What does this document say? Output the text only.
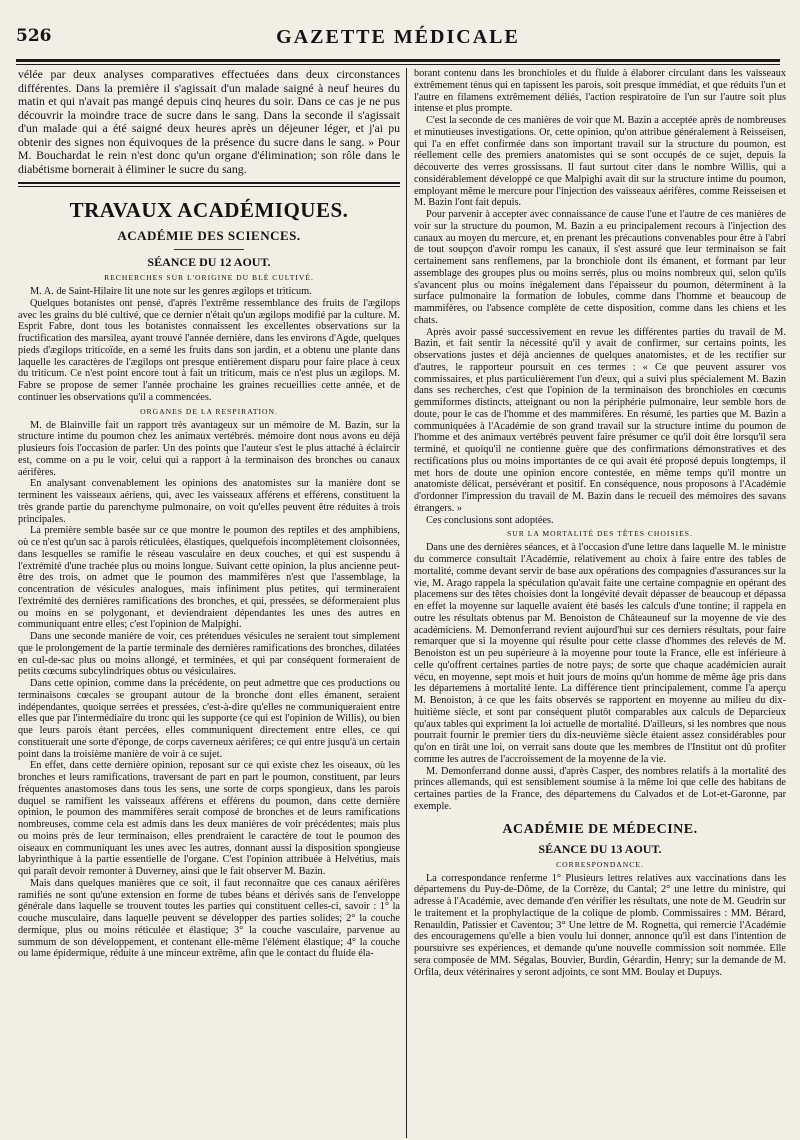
526	GAZETTE MÉDICALE

vélée par deux analyses comparatives effectuées dans deux circonstances différentes. Dans la première il s'agissait d'un malade saigné à neuf heures du matin et qui n'avait pas mangé depuis cinq heures du soir. Dans ce cas je ne pus découvrir la moindre trace de sucre dans le sang. Dans la seconde il s'agissait d'un malade qui a été saigné deux heures après un déjeuner léger, et j'ai pu obtenir des signes non équivoques de la présence du sucre dans le sang. » Pour M. Bouchardat le rein n'est donc qu'un organe d'élimination; son rôle dans le diabétisme bornerait à éliminer le sucre du sang.

TRAVAUX ACADÉMIQUES.
ACADÉMIE DES SCIENCES.
SÉANCE DU 12 AOUT.
RECHERCHES SUR L'ORIGINE DU BLÉ CULTIVÉ.

M. A. de Saint-Hilaire lit une note sur les genres ægilops et triticum.

Quelques botanistes ont pensé, d'après l'extrême ressemblance des fruits de l'ægilops avec les grains du blé cultivé, que ce dernier n'était qu'un ægilops modifié par la culture. M. Esprit Fabre, dont tous les botanistes connaissent les excellentes observations sur la fructification des marsilea, ayant trouvé l'année dernière, dans les environs d'Agde, quelques pieds d'ægilops triticoïde, en a semé les fruits dans son jardin, et a obtenu une plante dans laquelle les caractères de l'ægilops ont presque entièrement disparu pour faire place à ceux du triticum. Ce n'est point encore tout à fait un triticum, mais ce n'est plus un ægilops. M. Fabre se propose de semer l'année prochaine les graines recueillies cette année, et de continuer les observations qu'il a commencées.

ORGANES DE LA RESPIRATION.

M. de Blainville fait un rapport très avantageux sur un mémoire de M. Bazin, sur la structure intime du poumon chez les animaux vertébrés. mémoire dont nous avons eu déjà plusieurs fois l'occasion de parler. Un des points que l'auteur s'est le plus attaché à éclaircir est, comme on a pu le voir, celui qui a rapport à la terminaison des bronches ou canaux aérifères.

En analysant convenablement les opinions des anatomistes sur la manière dont se terminent les vaisseaux aériens, qui, avec les vaisseaux afférens et efférens, constituent la très grande partie du parenchyme pulmonaire, on voit qu'elles peuvent être réduites à trois principales.

La première semble basée sur ce que montre le poumon des reptiles et des amphibiens, où ce n'est qu'un sac à parois réticulées, élastiques, quelquefois incomplètement cloisonnées, dans lesquelles se ramifie le réseau vasculaire en deux couches, et qui est suspendu à l'extrémité d'une trachée plus ou moins longue. Suivant cette opinion, la plus ancienne peut-être des trois, on admet que le poumon des mammifères n'est que l'assemblage, la concentration de vésicules analogues, mais infiniment plus petites, qui termineraient l'extrémité des dernières ramifications des bronches, et qui, pressées, se déformeraient plus ou moins en se polygonant, et deviendraient dépendantes les unes des autres en communiquant entre elles; c'est l'opinion de Malpighi.

Dans une seconde manière de voir, ces prétendues vésicules ne seraient tout simplement que le prolongement de la partie terminale des dernières ramifications des bronches, dilatées en cul-de-sac plus ou moins allongé, et terminées, et qui par conséquent formeraient de petits cœcums subcylindriques obtus ou vésiculaires.

Dans cette opinion, comme dans la précédente, on peut admettre que ces productions ou terminaisons cœcales se groupant autour de la bronche dont elles émanent, seraient indépendantes, quoique serrées et pressées, c'est-à-dire qu'elles ne communiqueraient entre elles que par l'intermédiaire du tronc qui les supporte (ce qui est l'opinion de Willis), ou bien que leurs parois étant percées, elles communiquent directement entre elles, ce qui constituerait une sorte d'éponge, de corps caverneux aérifères; ce qui entre jusqu'à un certain point dans la troisième manière de voir à ce sujet.

En effet, dans cette dernière opinion, reposant sur ce qui existe chez les oiseaux, où les bronches et leurs ramifications, traversant de part en part le poumon, constituent, par leurs fréquentes anastomoses dans tous les sens, une sorte de corps spongieux, dans les parois duquel se ramifient les vaisseaux afférens et efférens du poumon, dans cette dernière opinion, le poumon des mammifères serait composé de bronches et de leurs ramifications nombreuses, comme cela est admis dans les deux manières de voir précédentes; mais plus ou moins près de leur terminaison, elles prendraient le caractère de tout le poumon des oiseaux en communiquant les unes avec les autres, donnant aussi la disposition spongieuse labyrinthique à la partie essentielle de l'organe. C'est l'opinion attribuée à Helvétius, mais qui paraît devoir remonter à Duverney, ainsi que le fait observer M. Bazin.

Mais dans quelques manières que ce soit, il faut reconnaître que ces canaux aérifères ramifiés ne sont qu'une extension en forme de tubes béans et dérivés sans de l'enveloppe générale dans laquelle se trouvent toutes les parties qui constituent celles-ci, savoir : 1° la couche musculaire, dans laquelle peuvent se développer des parties solides; 2° la couche dermique, plus ou moins réticulée et élastique; 3° la couche vasculaire, parvenue au summum de son développement, et contenant elle-même l'élément élastique; 4° la couche ou lame épidermique, réduite à une minceur extrême, afin que le contact du fluide éla-

borant contenu dans les bronchioles et du fluide à élaborer circulant dans les vaisseaux extrêmement ténus qui en tapissent les parois, soit presque immédiat, et que réduits l'un et l'autre en filamens extrêmement déliés, l'action respiratoire de l'un sur l'autre soit plus intense et plus prompte.

C'est la seconde de ces manières de voir que M. Bazin a acceptée après de nombreuses et minutieuses investigations. Or, cette opinion, qu'on attribue généralement à Reisseisen, qui l'a en effet confirmée dans son important travail sur la structure du poumon, est réellement celle des premiers anatomistes qui se sont occupés de ce sujet, depuis la découverte des verres grossissans. Il faut surtout citer dans le nombre Willis, qui a considérablement développé ce que Malpighi avait dit sur la structure intime du poumon, employant même le mercure pour l'injection des vaisseaux aérifères, comme Reisseisen et M. Bazin l'ont fait depuis.

Pour parvenir à accepter avec connaissance de cause l'une et l'autre de ces manières de voir sur la structure du poumon, M. Bazin a eu principalement recours à l'injection des canaux au moyen du mercure, et, en prenant les précautions convenables pour être à l'abri de tout soupçon d'avoir rompu les canaux, il s'est assuré que leur terminaison se fait certainement sans renflemens, par la bronchiole dont ils émanent, et formant par leur assemblage des groupes plus ou moins serrés, plus ou moins nombreux qui, selon qu'ils s'avancent plus ou moins inégalement dans l'épaisseur du poumon, déterminent à la surface pulmonaire la formation de lobules, comme dans l'homme et beaucoup de mammifères, ou l'absence complète de cette disposition, comme dans les chiens et les chats.

Après avoir passé successivement en revue les différentes parties du travail de M. Bazin, et fait sentir la nécessité qu'il y avait de confirmer, sur certains points, les observations justes et déjà anciennes de quelques anatomistes, et de les rectifier sur d'autres, le rapporteur poursuit en ces termes : « Ce que peuvent assurer vos commissaires, et plus particulièrement l'un d'eux, qui a suivi plus spécialement M. Bazin dans ses recherches, c'est que l'opinion de la terminaison des bronchioles en cœcums gemmiformes distincts, atteignant ou non la périphérie pulmonaire, leur semble hors de doute, pour le cas de l'homme et des mammifères. En résumé, les parties que M. Bazin a communiquées à l'Académie de son grand travail sur la structure intime du poumon de l'homme et des animaux vertébrés peuvent faire présumer ce qu'il doit être lorsqu'il sera terminé, et quoiqu'il ne contienne guère que des confirmations démonstratives et des rectifications plus ou moins importantes de ce qui avait été proposé depuis longtemps, il met hors de doute une opinion encore contestée, en même temps qu'il montre un anatomiste délicat, persévérant et positif. En conséquence, nous proposons à l'Académie d'ordonner l'impression du travail de M. Bazin dans le recueil des mémoires des savans étrangers. »

Ces conclusions sont adoptées.

SUR LA MORTALITÉ DES TÊTES CHOISIES.

Dans une des dernières séances, et à l'occasion d'une lettre dans laquelle M. le ministre du commerce consultait l'Académie, relativement au choix à faire entre des tables de mortalité, comme devant servir de base aux opérations des compagnies d'assurances sur la vie, M. Arago rappela la spéculation qu'avait faite une certaine compagnie en opérant des placemens sur des têtes choisies dont la longévité devait dépasser de beaucoup et dépassa en effet la moyenne sur laquelle avaient été basés les calculs d'une tontine; il rappela en outre les résultats obtenus par M. Benoiston de Châteauneuf sur la moyenne de vie des académiciens. M. Demonferrand revient aujourd'hui sur ces derniers résultats, pour faire remarquer que si la moyenne qui résulte pour cette classe d'hommes des relevés de M. Benoiston est un peu supérieure à la moyenne pour toute la France, elle est inférieure à celle qu'offrent certaines parties de notre pays; de sorte que chaque académicien aurait vécu, en moyenne, sept mois et huit jours de moins qu'un homme de même âge pris dans les départemens à mortalité lente. La différence tient principalement, comme l'a aperçu M. Benoiston, à ce que les faits observés se rapportent en moyenne au milieu du dix-huitième siècle, et sont par conséquent plutôt comparables aux calculs de Deparcieux qu'aux tables qui expriment la loi actuelle de mortalité. D'ailleurs, si les nombres que nous pourrait fournir le premier tiers du dix-neuvième siècle étaient assez considérables pour qu'on en tirât une loi, on verrait sans doute que les membres de l'Institut ont dû profiter comme les autres de l'accroissement de la moyenne de la vie.

M. Demonferrand donne aussi, d'après Casper, des nombres relatifs à la mortalité des princes allemands, qui est sensiblement soumise à la même loi que celle des habitans de certaines parties de la France, des départemens du Calvados et de Lot-et-Garonne, par exemple.

ACADÉMIE DE MÉDECINE.
SÉANCE DU 13 AOUT.
CORRESPONDANCE.

La correspondance renferme 1° Plusieurs lettres relatives aux vaccinations dans les départemens du Puy-de-Dôme, de la Corrèze, du Cantal; 2° une lettre du ministre, qui adresse à l'Académie, avec demande d'en vérifier les résultats, une note de M. Geudrin sur le traitement et la prophylactique de la colique de plomb. Commissaires : MM. Bérard, Renauldin, Patissier et Caventou; 3° Une lettre de M. Rognetta, qui remercie l'Académie des encouragemens qu'elle a bien voulu lui donner, annonce qu'il est dans l'intention de poursuivre ses expériences, et demande qu'une nouvelle commission soit nommée. Elle sera composée de MM. Ségalas, Bouvier, Burdin, Gérardin, Henry; sur la demande de M. Orfila, deux vétérinaires y seront adjoints, ce sont MM. Boulay et Dupuys.
